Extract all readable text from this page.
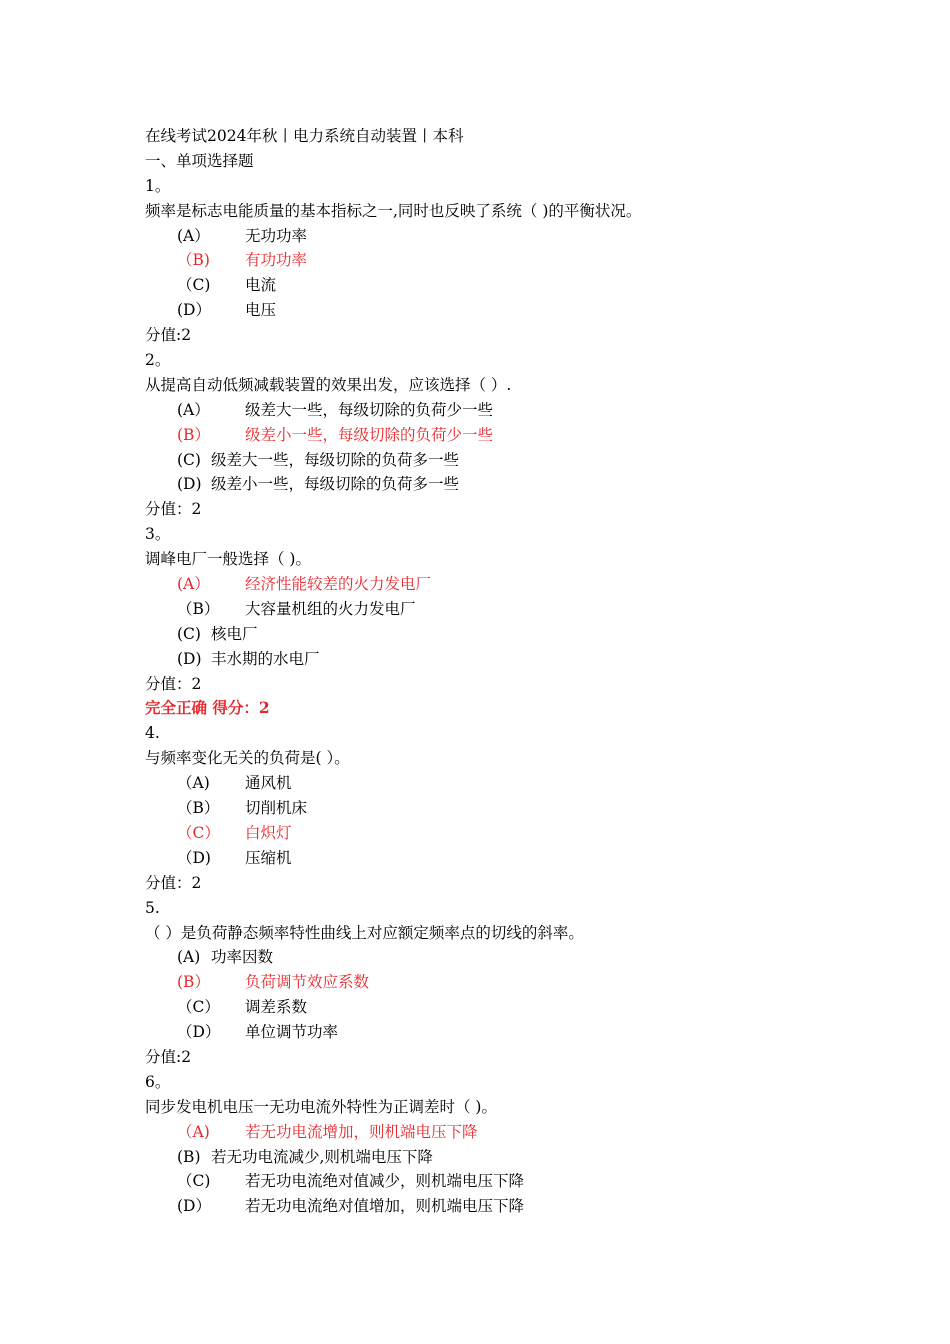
在线考试2024年秋丨电力系统自动装置丨本科
一、单项选择题
1。
频率是标志电能质量的基本指标之一,同时也反映了系统（ )的平衡状况。
(A） 无功功率
（B) 有功功率
（C) 电流
(D） 电压
分值:2
2。
从提高自动低频减载装置的效果出发，应该选择（ ）.
(A） 级差大一些，每级切除的负荷少一些
(B） 级差小一些，每级切除的负荷少一些
(C) 级差大一些，每级切除的负荷多一些
(D) 级差小一些，每级切除的负荷多一些
分值：2
3。
调峰电厂一般选择（ )。
(A） 经济性能较差的火力发电厂
（B） 大容量机组的火力发电厂
(C) 核电厂
(D) 丰水期的水电厂
分值：2
完全正确 得分：2
4.
与频率变化无关的负荷是( ）。
（A) 通风机
（B） 切削机床
（C） 白炽灯
（D) 压缩机
分值：2
5.
（ ）是负荷静态频率特性曲线上对应额定频率点的切线的斜率。
(A) 功率因数
(B） 负荷调节效应系数
（C） 调差系数
（D） 单位调节功率
分值:2
6。
同步发电机电压一无功电流外特性为正调差时（ )。
（A) 若无功电流增加，则机端电压下降
(B) 若无功电流减少,则机端电压下降
（C) 若无功电流绝对值减少，则机端电压下降
(D） 若无功电流绝对值增加，则机端电压下降
